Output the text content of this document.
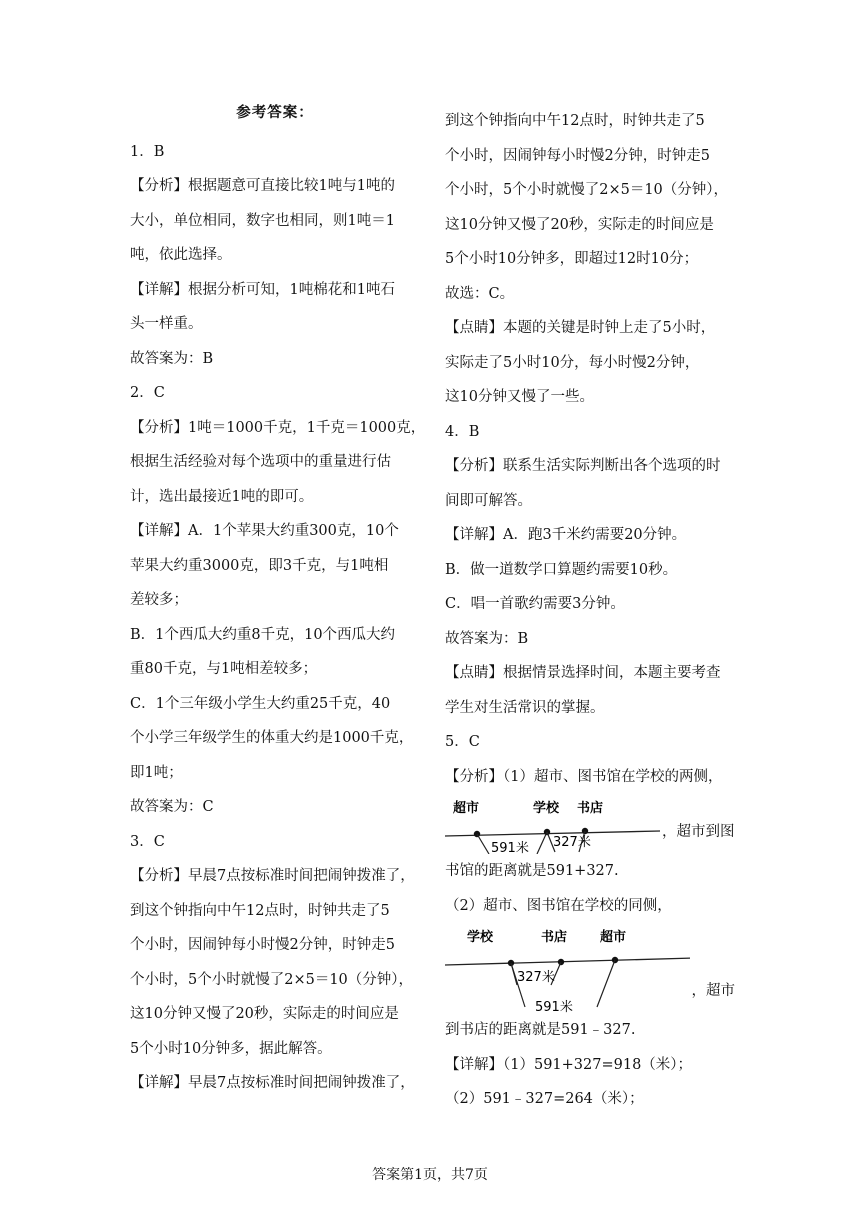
参考答案：
1．B
【分析】根据题意可直接比较1吨与1吨的
大小，单位相同，数字也相同，则1吨＝1
吨，依此选择。
【详解】根据分析可知，1吨棉花和1吨石
头一样重。
故答案为：B
2．C
【分析】1吨＝1000千克，1千克＝1000克，
根据生活经验对每个选项中的重量进行估
计，选出最接近1吨的即可。
【详解】A．1个苹果大约重300克，10个
苹果大约重3000克，即3千克，与1吨相
差较多；
B．1个西瓜大约重8千克，10个西瓜大约
重80千克，与1吨相差较多；
C．1个三年级小学生大约重25千克，40
个小学三年级学生的体重大约是1000千克，
即1吨；
故答案为：C
3．C
【分析】早晨7点按标准时间把闹钟拨准了，
到这个钟指向中午12点时，时钟共走了5
个小时，因闹钟每小时慢2分钟，时钟走5
个小时，5个小时就慢了2×5＝10（分钟），
这10分钟又慢了20秒，实际走的时间应是
5个小时10分钟多，据此解答。
【详解】早晨7点按标准时间把闹钟拨准了，
到这个钟指向中午12点时，时钟共走了5
个小时，因闹钟每小时慢2分钟，时钟走5
个小时，5个小时就慢了2×5＝10（分钟），
这10分钟又慢了20秒，实际走的时间应是
5个小时10分钟多，即超过12时10分；
故选：C。
【点睛】本题的关键是时钟上走了5小时，
实际走了5小时10分，每小时慢2分钟，
这10分钟又慢了一些。
4．B
【分析】联系生活实际判断出各个选项的时
间即可解答。
【详解】A．跑3千米约需要20分钟。
B．做一道数学口算题约需要10秒。
C．唱一首歌约需要3分钟。
故答案为：B
【点睛】根据情景选择时间，本题主要考查
学生对生活常识的掌握。
5．C
【分析】（1）超市、图书馆在学校的两侧，
超市	学校 书店
591米 327米
，超市到图
书馆的距离就是591+327.
（2）超市、图书馆在学校的同侧，
学校	书店	超市
327米
591米
，超市
到书店的距离就是591﹣327.
【详解】（1）591+327=918（米）；
（2）591﹣327=264（米）；
答案第1页，共7页
